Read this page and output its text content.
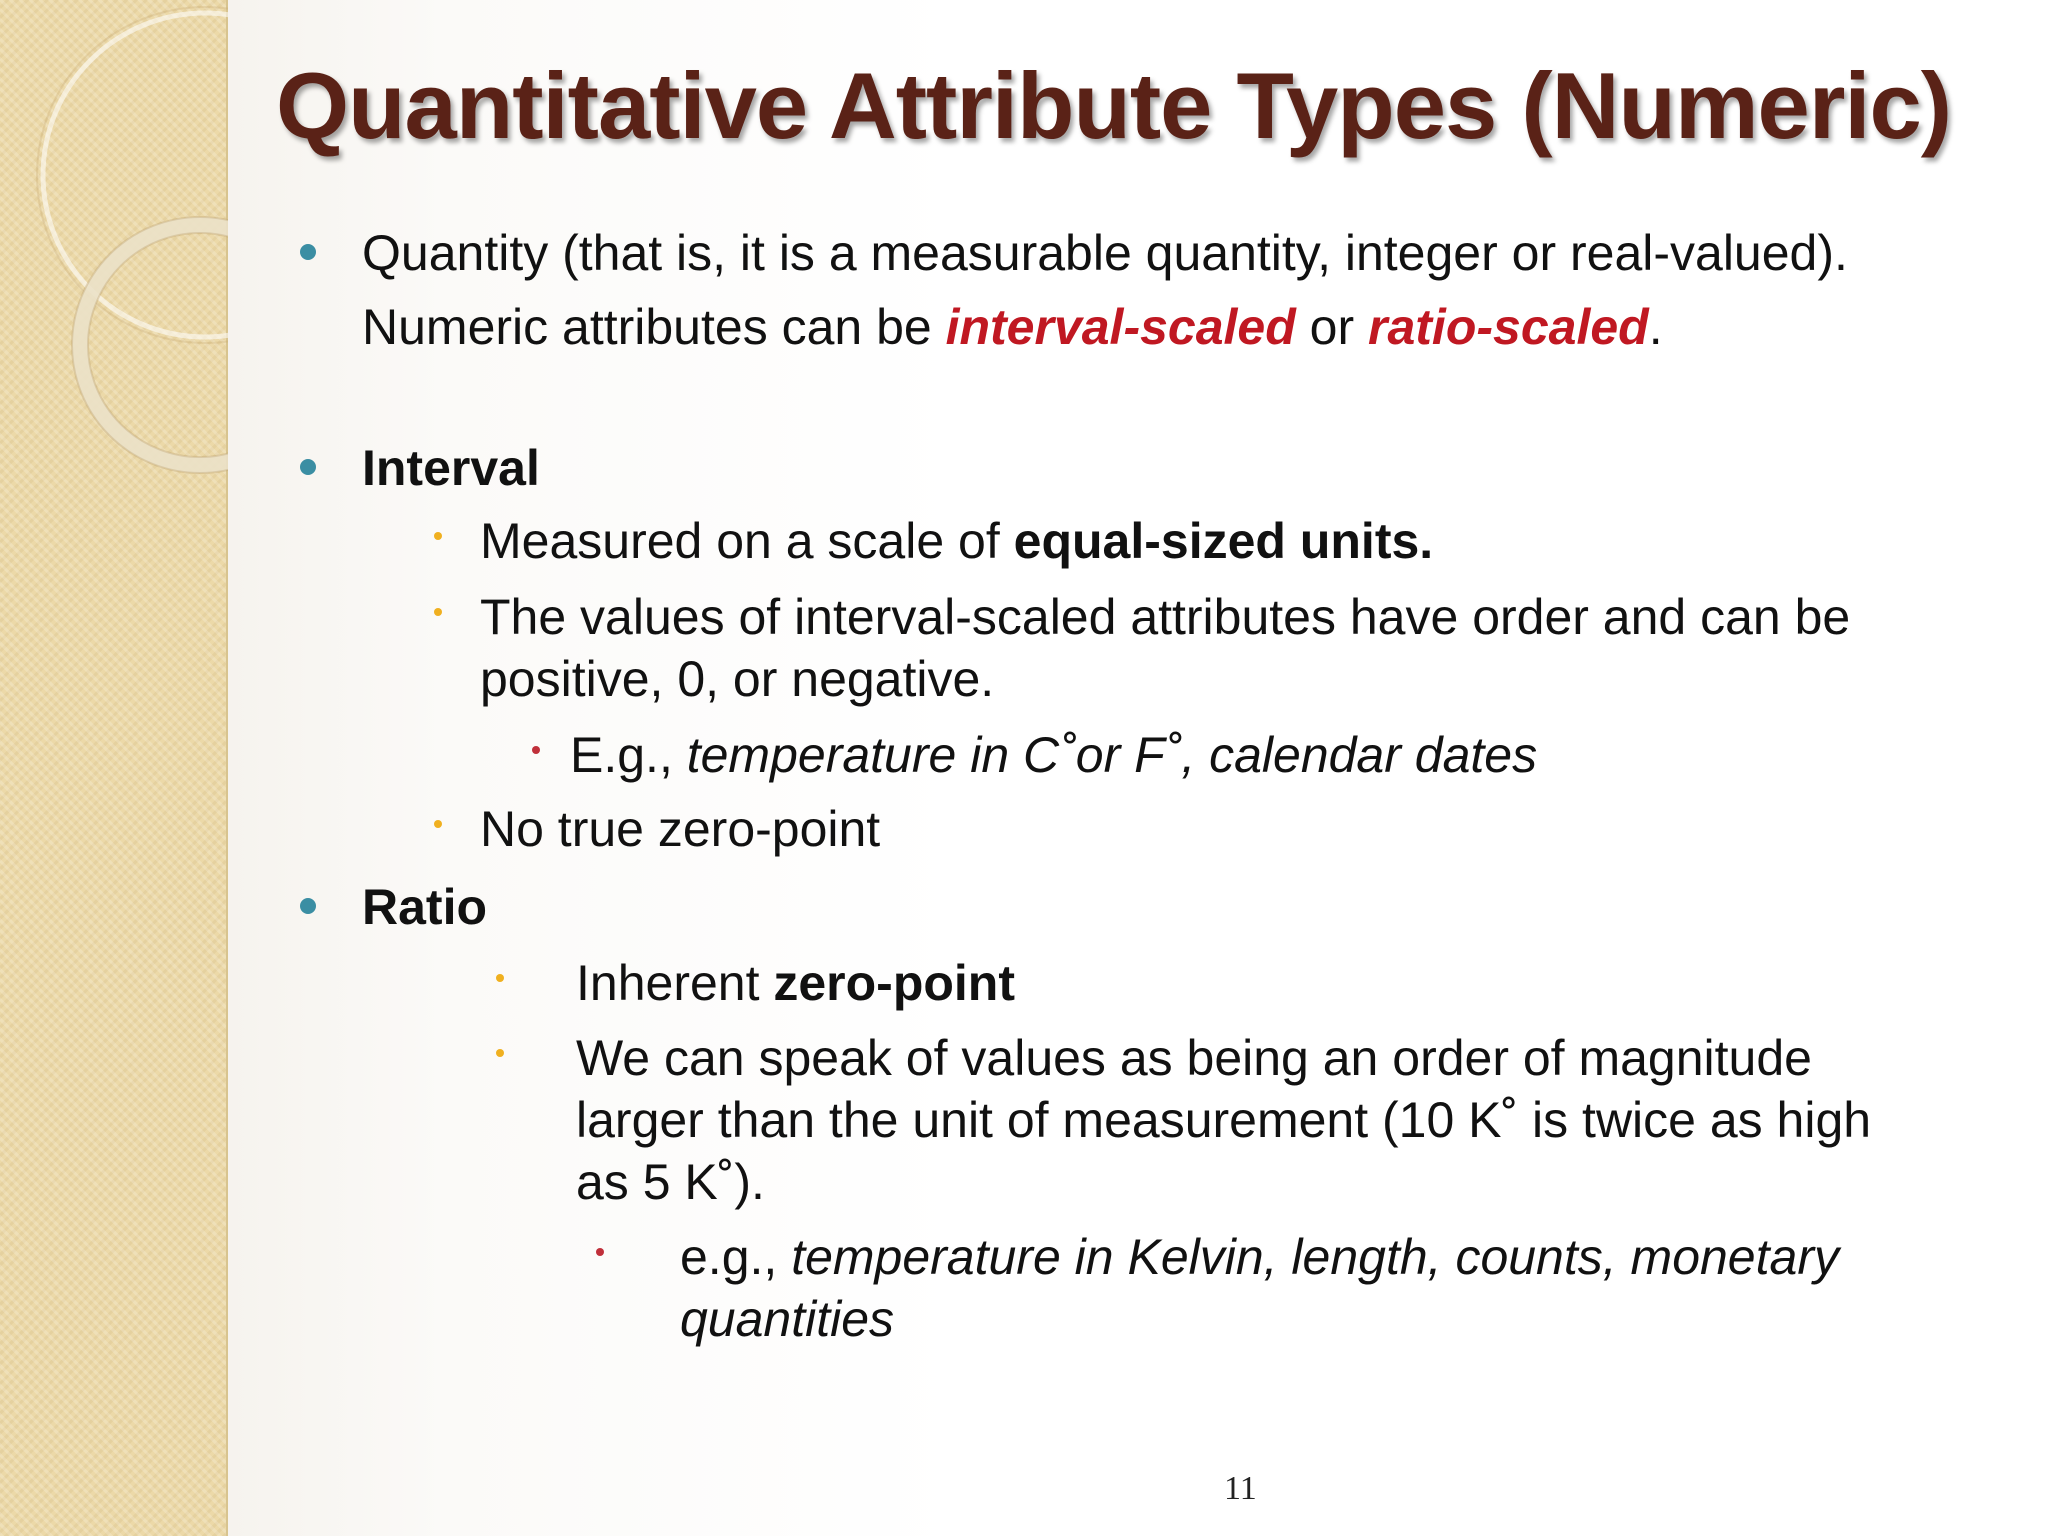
Quantitative Attribute Types (Numeric)
Quantity (that is, it is a measurable quantity, integer or real-valued).
Numeric attributes can be interval-scaled or ratio-scaled.
Interval
Measured on a scale of equal-sized units.
The values of interval-scaled attributes have order and can be
positive, 0, or negative.
E.g., temperature in C˚or F˚, calendar dates
No true zero-point
Ratio
Inherent zero-point
We can speak of values as being an order of magnitude
larger than the unit of measurement (10 K˚ is twice as high
as 5 K˚).
e.g., temperature in Kelvin, length, counts, monetary
quantities
11
